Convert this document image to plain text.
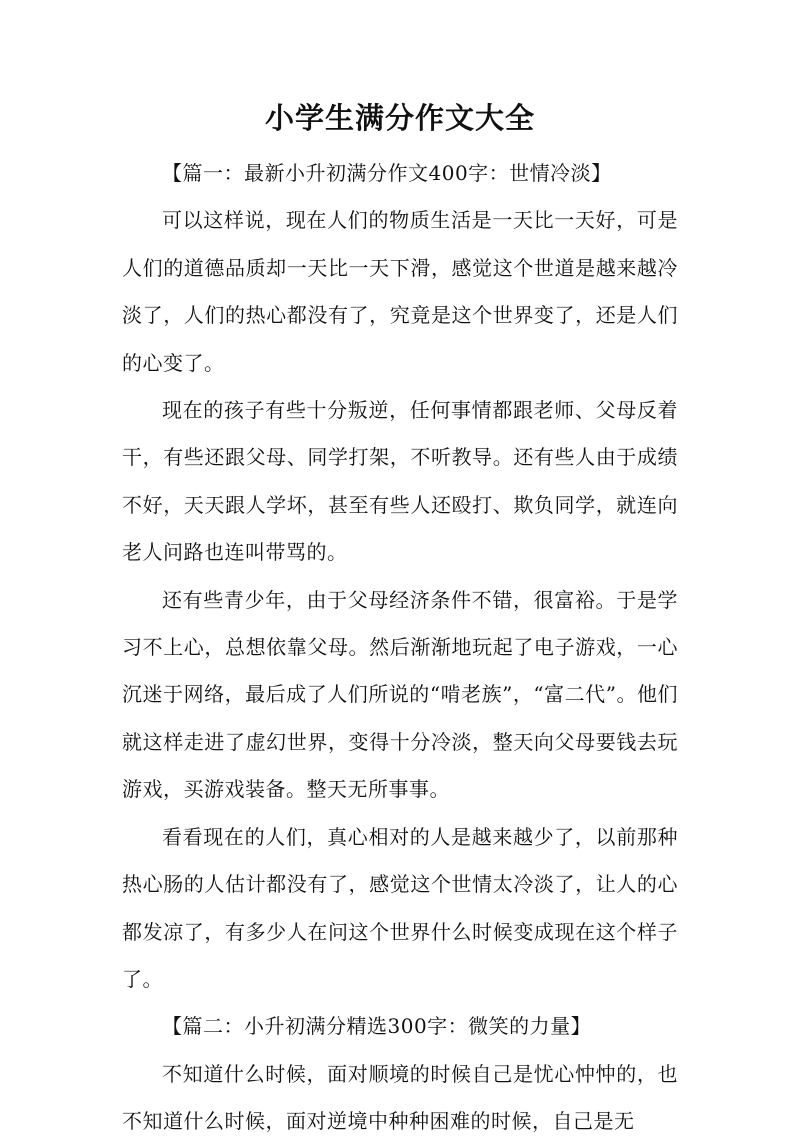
小学生满分作文大全

【篇一：最新小升初满分作文400字：世情冷淡】

可以这样说，现在人们的物质生活是一天比一天好，可是人们的道德品质却一天比一天下滑，感觉这个世道是越来越冷淡了，人们的热心都没有了，究竟是这个世界变了，还是人们的心变了。

现在的孩子有些十分叛逆，任何事情都跟老师、父母反着干，有些还跟父母、同学打架，不听教导。还有些人由于成绩不好，天天跟人学坏，甚至有些人还殴打、欺负同学，就连向老人问路也连叫带骂的。

还有些青少年，由于父母经济条件不错，很富裕。于是学习不上心，总想依靠父母。然后渐渐地玩起了电子游戏，一心沉迷于网络，最后成了人们所说的“啃老族”，“富二代”。他们就这样走进了虚幻世界，变得十分冷淡，整天向父母要钱去玩游戏，买游戏装备。整天无所事事。

看看现在的人们，真心相对的人是越来越少了，以前那种热心肠的人估计都没有了，感觉这个世情太冷淡了，让人的心都发凉了，有多少人在问这个世界什么时候变成现在这个样子了。

【篇二：小升初满分精选300字：微笑的力量】

不知道什么时候，面对顺境的时候自己是忧心忡忡的，也不知道什么时候，面对逆境中种种困难的时候，自己是无
